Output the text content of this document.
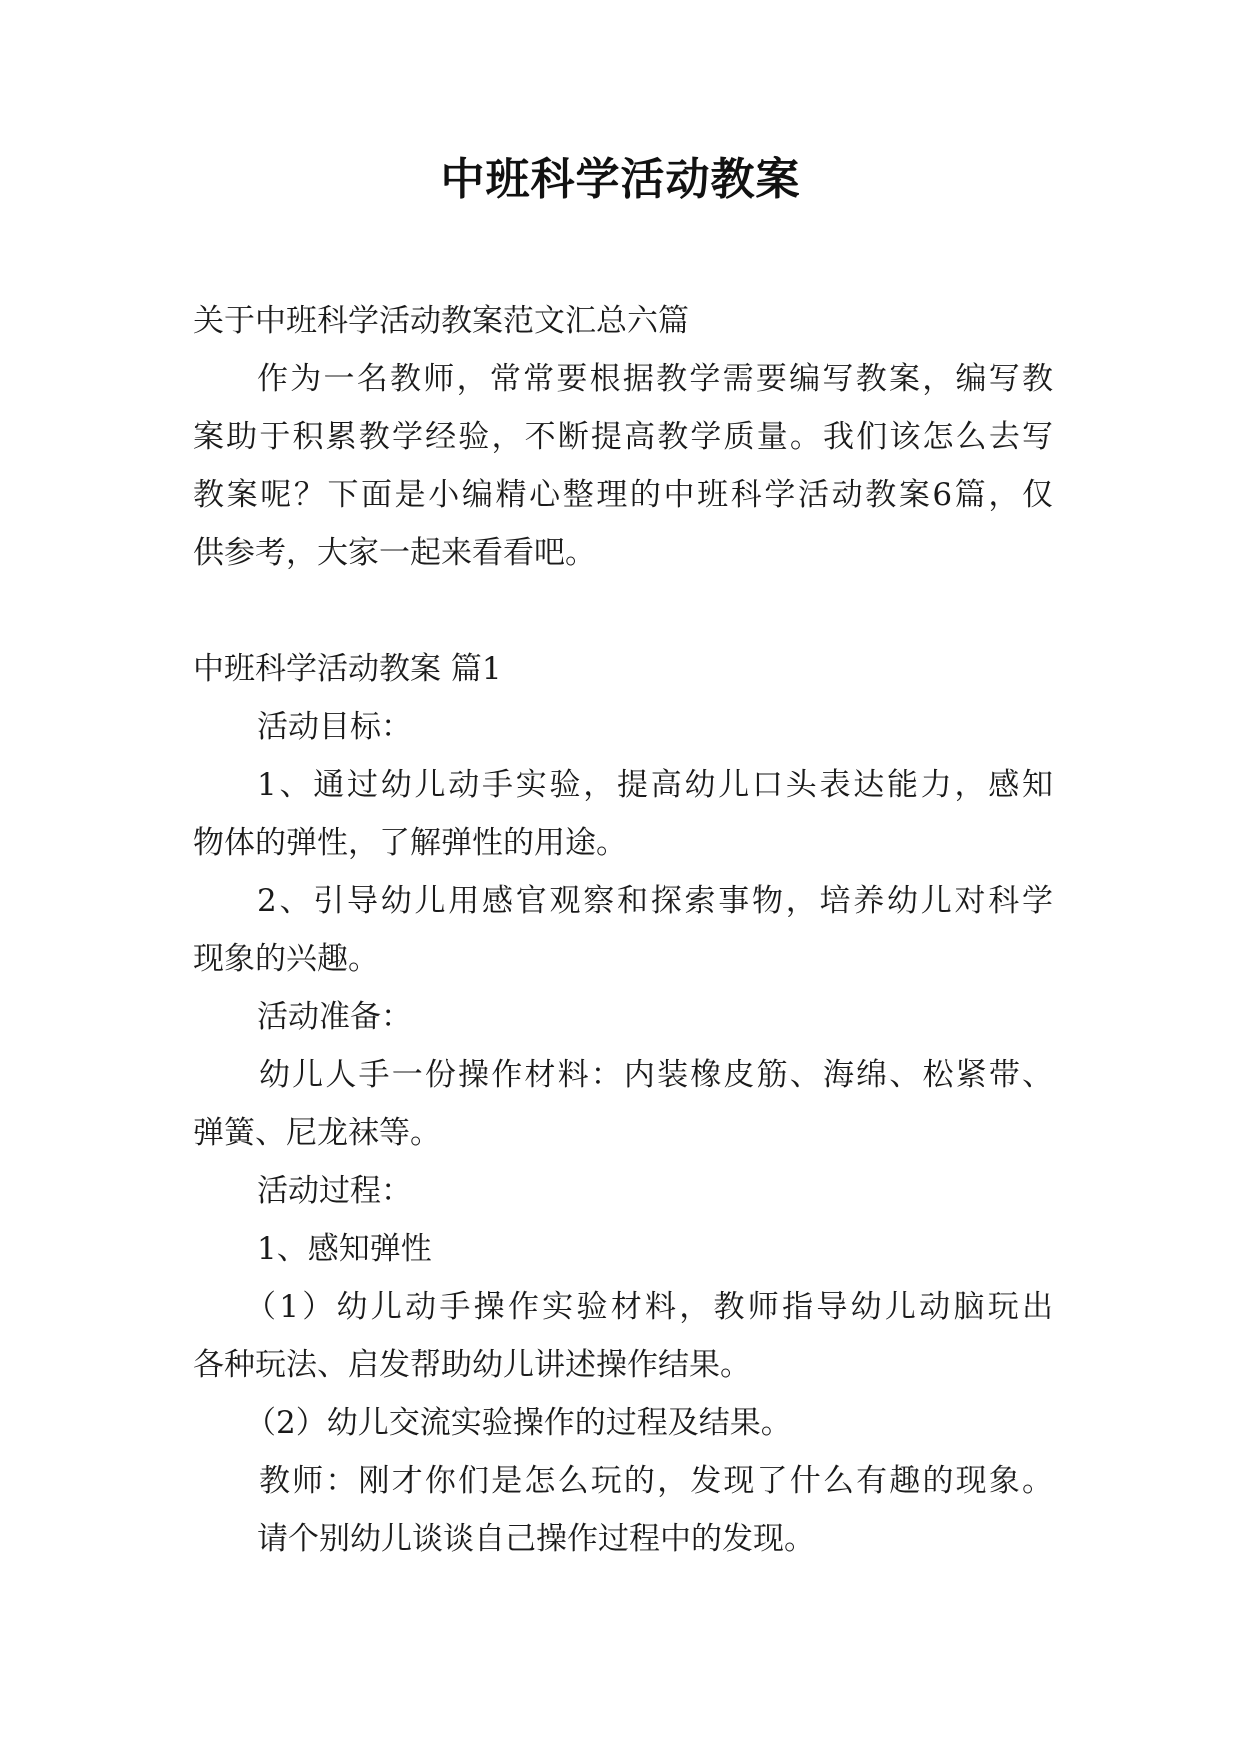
中班科学活动教案
关于中班科学活动教案范文汇总六篇
作为一名教师，常常要根据教学需要编写教案，编写教
案助于积累教学经验，不断提高教学质量。我们该怎么去写
教案呢？下面是小编精心整理的中班科学活动教案6篇，仅
供参考，大家一起来看看吧。
中班科学活动教案 篇1
活动目标：
1、通过幼儿动手实验，提高幼儿口头表达能力，感知
物体的弹性，了解弹性的用途。
2、引导幼儿用感官观察和探索事物，培养幼儿对科学
现象的兴趣。
活动准备：
幼儿人手一份操作材料：内装橡皮筋、海绵、松紧带、
弹簧、尼龙袜等。
活动过程：
1、感知弹性
（1）幼儿动手操作实验材料，教师指导幼儿动脑玩出
各种玩法、启发帮助幼儿讲述操作结果。
（2）幼儿交流实验操作的过程及结果。
教师：刚才你们是怎么玩的，发现了什么有趣的现象。
请个别幼儿谈谈自己操作过程中的发现。
